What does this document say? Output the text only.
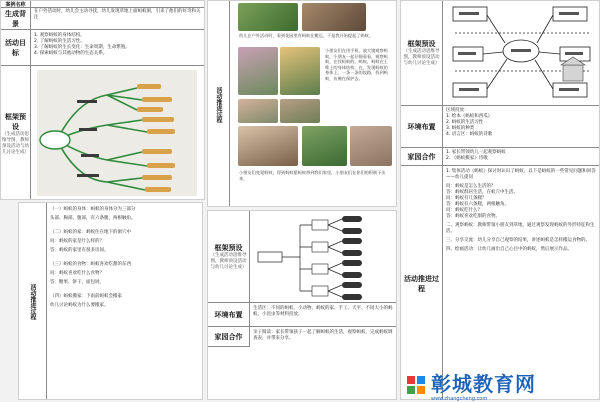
案例名称
生成背景
在户外活动时，幼儿会主动寻找，幼儿发现草地上面蚂蚁洞，引来了他们的好奇和关注
活动目标
1. 观察蚂蚁的身体结构。
2. 了解蚂蚁的生活习性。
3. 了解蚂蚁的生长变化：生命周期，生命繁殖。
4. 探索蚂蚁与其他动物的生态关系。
框架预设
（生成活动思维导图，教师预设活动与幼儿讨论生成）
活动推进过程
幼儿在户外活动时，看到花园里有蚂蚁在搬运，于是我开始提起了蚂蚁。
小朋友们在用手机、放大镜观察蚂蚁，小朋友一起仔细看看，观察蚂蚁，在找蚂蚁的，蚂蚁，蚂蚁在土堆上的身体结构，在，发现蚂蚁的身体上，一条一条的纹路，找到蚂蚁，仿佛在保护去。
小朋友们变觉蚂蚁，得到蚂蚁愿蚂蚁带到我们家里，小朋友们在你们的积极下出来，
框架预设
（生成活动思维导图，教师预设活动与幼儿讨论生成）
环境布置
区域投放：
1. 绘本《蚂蚁和西瓜》
2. 蚂蚁的生活习性
3. 蚂蚁的种类
4. 语言区：蚂蚁的诗歌
家园合作	1. 家长带领幼儿一起观察蚂蚁
2. 《蚂蚁搬家》诗歌
活动推进过程
1. 集体活动《蚂蚁》探讨时认识了蚂蚁，以下是蚂蚁的一些常见问题和回答——幼儿提问
问：蚂蚁是怎么生活的？
答：蚂蚁群居生活，在蚁穴中生活。
问：蚂蚁有几条腿？
答：蚂蚁有六条腿，两根触角。
问：蚂蚁吃什么？
答：蚂蚁喜欢吃甜的食物。
二、观察蚂蚁：教师带领小朋友到草地，通过观察发现蚂蚁的外形特征和生活。
三、分享交流：幼儿分享自己观察的结果，讲述蚂蚁是怎样搬运食物的。
四、绘画活动：让幼儿画出自己心目中的蚂蚁，然后展示作品。
活动推进过程
（一）蚂蚁的身体：蚂蚁的身体分为三部分
头部、胸部、腹部，有六条腿，两根触角。
（二）蚂蚁的家：蚂蚁住在地下的洞穴中
问：蚂蚁的家是什么样的？
答：蚂蚁的家里有很多房间。
（三）蚂蚁的食物：蚂蚁喜欢吃甜的东西
问：蚂蚁喜欢吃什么食物？
答：糖果、饼干、面包屑。
（四）蚂蚁搬家：下雨前蚂蚁会搬家
幼儿讨论蚂蚁为什么要搬家。
框架预设
（生成活动思维导图，教师预设活动与幼儿讨论生成）
环境布置
生活区：不同的蚂蚁、小动物、蚂蚁的家、手工、天平、不同大小的蚂蚁、小昆虫等材料投放。
家园合作	亲子阅读：家长带领孩子一起了解蚂蚁的生活，观察蚂蚁，完成蚂蚁调查表，并带来分享。
彰城教育网
www.zhangcheng.com
